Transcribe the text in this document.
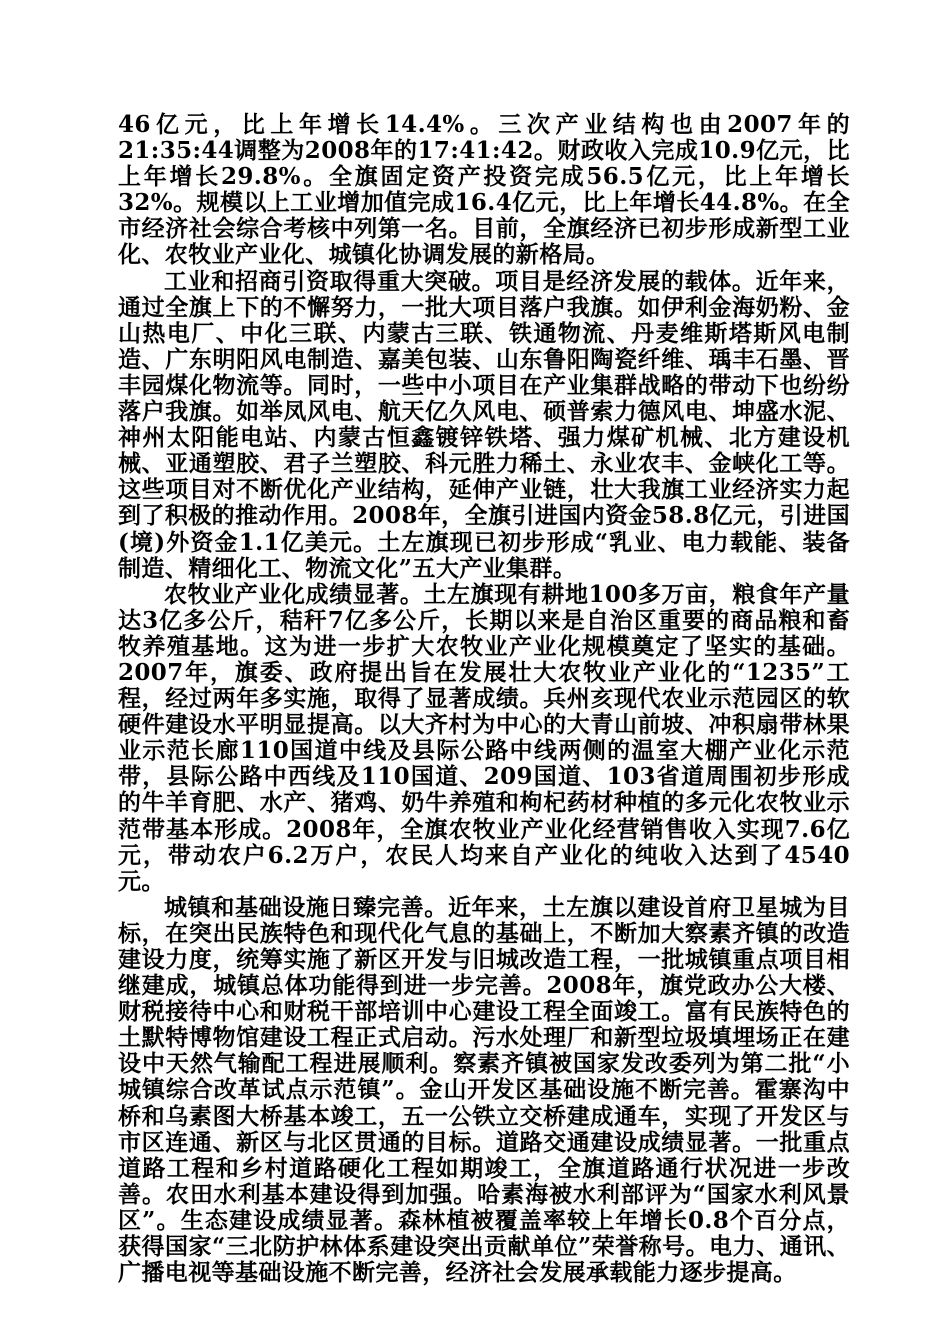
46亿元，比上年增长14.4%。三次产业结构也由2007年的21:35:44调整为2008年的17:41:42。财政收入完成10.9亿元，比上年增长29.8%。全旗固定资产投资完成56.5亿元，比上年增长32%。规模以上工业增加值完成16.4亿元，比上年增长44.8%。在全市经济社会综合考核中列第一名。目前，全旗经济已初步形成新型工业化、农牧业产业化、城镇化协调发展的新格局。

工业和招商引资取得重大突破。项目是经济发展的载体。近年来，通过全旗上下的不懈努力，一批大项目落户我旗。如伊利金海奶粉、金山热电厂、中化三联、内蒙古三联、铁通物流、丹麦维斯塔斯风电制造、广东明阳风电制造、嘉美包装、山东鲁阳陶瓷纤维、瑀丰石墨、晋丰园煤化物流等。同时，一些中小项目在产业集群战略的带动下也纷纷落户我旗。如举凤风电、航天亿久风电、硕普索力德风电、坤盛水泥、神州太阳能电站、内蒙古恒鑫镀锌铁塔、强力煤矿机械、北方建设机械、亚通塑胶、君子兰塑胶、科元胜力稀土、永业农丰、金峡化工等。这些项目对不断优化产业结构，延伸产业链，壮大我旗工业经济实力起到了积极的推动作用。2008年，全旗引进国内资金58.8亿元，引进国(境)外资金1.1亿美元。土左旗现已初步形成“乳业、电力载能、装备制造、精细化工、物流文化”五大产业集群。

农牧业产业化成绩显著。土左旗现有耕地100多万亩，粮食年产量达3亿多公斤，秸秆7亿多公斤，长期以来是自治区重要的商品粮和畜牧养殖基地。这为进一步扩大农牧业产业化规模奠定了坚实的基础。2007年，旗委、政府提出旨在发展壮大农牧业产业化的“1235”工程，经过两年多实施，取得了显著成绩。兵州亥现代农业示范园区的软硬件建设水平明显提高。以大齐村为中心的大青山前坡、冲积扇带林果业示范长廊110国道中线及县际公路中线两侧的温室大棚产业化示范带，县际公路中西线及110国道、209国道、103省道周围初步形成的牛羊育肥、水产、猪鸡、奶牛养殖和枸杞药材种植的多元化农牧业示范带基本形成。2008年，全旗农牧业产业化经营销售收入实现7.6亿元，带动农户6.2万户，农民人均来自产业化的纯收入达到了4540元。

城镇和基础设施日臻完善。近年来，土左旗以建设首府卫星城为目标，在突出民族特色和现代化气息的基础上，不断加大察素齐镇的改造建设力度，统筹实施了新区开发与旧城改造工程，一批城镇重点项目相继建成，城镇总体功能得到进一步完善。2008年，旗党政办公大楼、财税接待中心和财税干部培训中心建设工程全面竣工。富有民族特色的土默特博物馆建设工程正式启动。污水处理厂和新型垃圾填埋场正在建设中天然气输配工程进展顺利。察素齐镇被国家发改委列为第二批“小城镇综合改革试点示范镇”。金山开发区基础设施不断完善。霍寨沟中桥和乌素图大桥基本竣工，五一公铁立交桥建成通车，实现了开发区与市区连通、新区与北区贯通的目标。道路交通建设成绩显著。一批重点道路工程和乡村道路硬化工程如期竣工，全旗道路通行状况进一步改善。农田水利基本建设得到加强。哈素海被水利部评为“国家水利风景区”。生态建设成绩显著。森林植被覆盖率较上年增长0.8个百分点，获得国家“三北防护林体系建设突出贡献单位”荣誉称号。电力、通讯、 广播电视等基础设施不断完善，经济社会发展承载能力逐步提高。
